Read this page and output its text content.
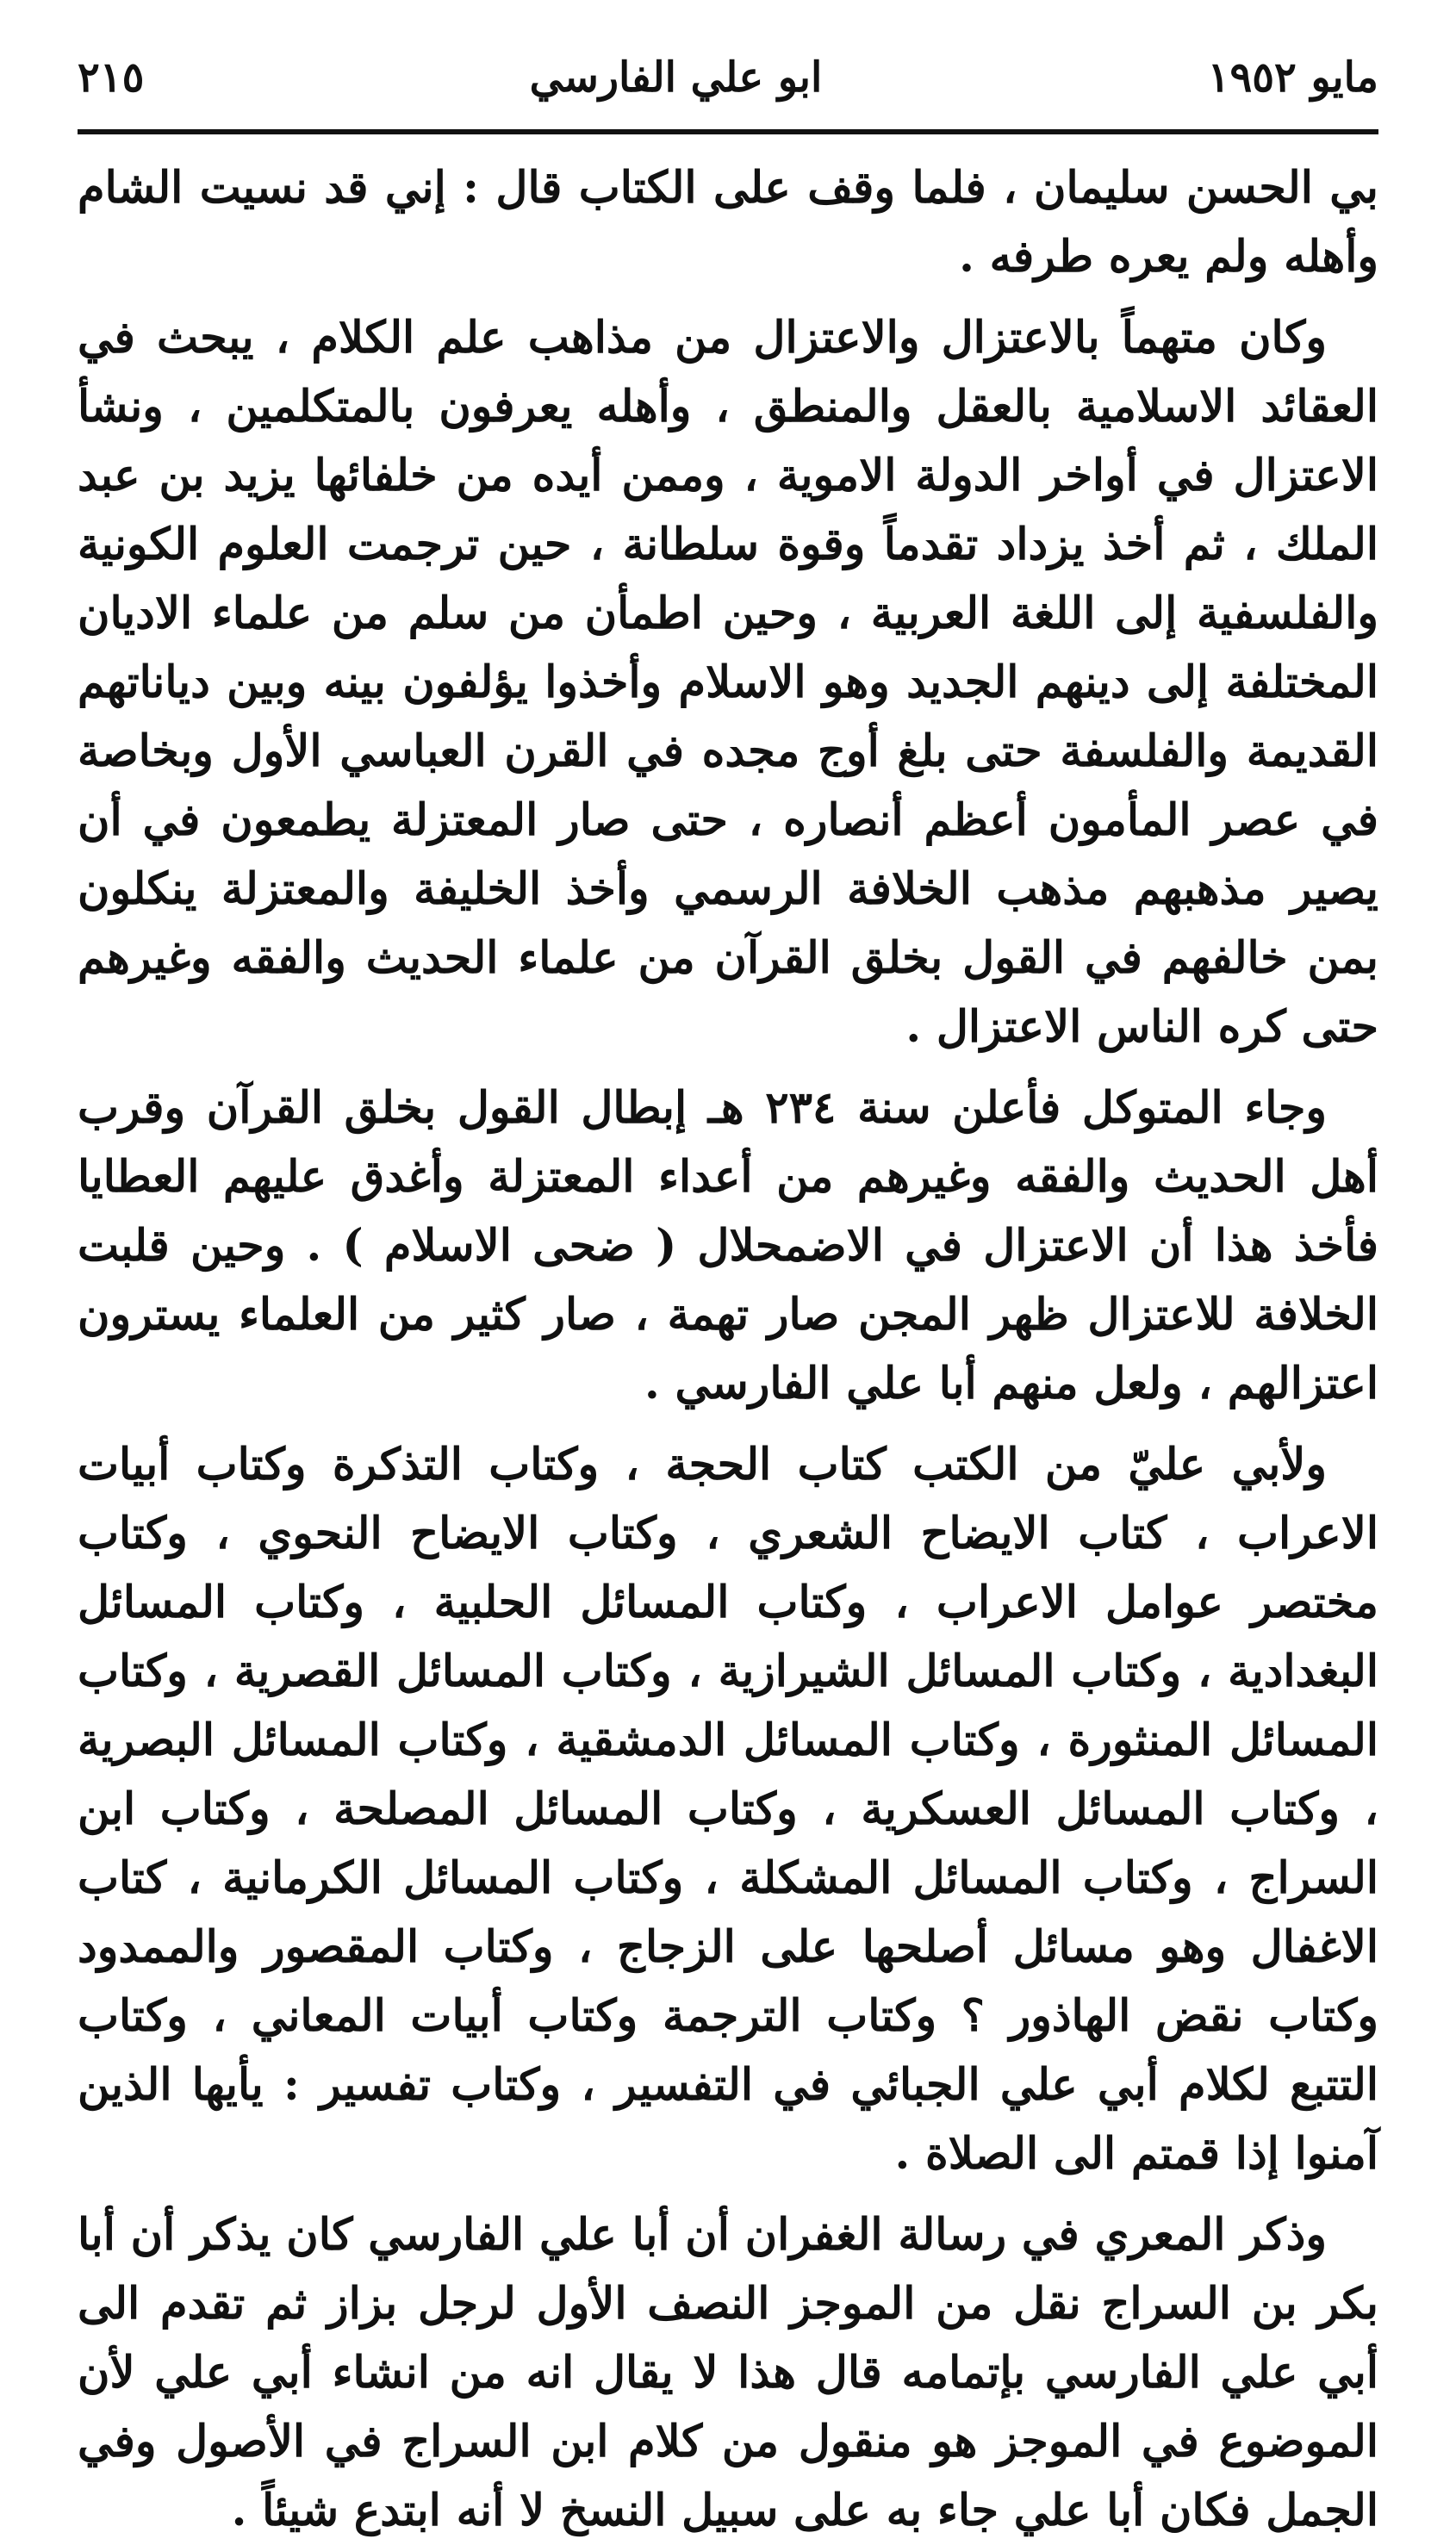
مايو ١٩٥٢
ابو علي الفارسي
٢١٥

بي الحسن سليمان ، فلما وقف على الكتاب قال : إني قد نسيت الشام وأهله ولم يعره طرفه .

وكان متهماً بالاعتزال والاعتزال من مذاهب علم الكلام ، يبحث في العقائد الاسلامية بالعقل والمنطق ، وأهله يعرفون بالمتكلمين ، ونشأ الاعتزال في أواخر الدولة الاموية ، وممن أيده من خلفائها يزيد بن عبد الملك ، ثم أخذ يزداد تقدماً وقوة سلطانة ، حين ترجمت العلوم الكونية والفلسفية إلى اللغة العربية ، وحين اطمأن من سلم من علماء الاديان المختلفة إلى دينهم الجديد وهو الاسلام وأخذوا يؤلفون بينه وبين دياناتهم القديمة والفلسفة حتى بلغ أوج مجده في القرن العباسي الأول وبخاصة في عصر المأمون أعظم أنصاره ، حتى صار المعتزلة يطمعون في أن يصير مذهبهم مذهب الخلافة الرسمي وأخذ الخليفة والمعتزلة ينكلون بمن خالفهم في القول بخلق القرآن من علماء الحديث والفقه وغيرهم حتى كره الناس الاعتزال .

وجاء المتوكل فأعلن سنة ٢٣٤ هـ إبطال القول بخلق القرآن وقرب أهل الحديث والفقه وغيرهم من أعداء المعتزلة وأغدق عليهم العطايا فأخذ هذا أن الاعتزال في الاضمحلال ( ضحى الاسلام ) . وحين قلبت الخلافة للاعتزال ظهر المجن صار تهمة ، صار كثير من العلماء يسترون اعتزالهم ، ولعل منهم أبا علي الفارسي .

ولأبي عليّ من الكتب كتاب الحجة ، وكتاب التذكرة وكتاب أبيات الاعراب ، كتاب الايضاح الشعري ، وكتاب الايضاح النحوي ، وكتاب مختصر عوامل الاعراب ، وكتاب المسائل الحلبية ، وكتاب المسائل البغدادية ، وكتاب المسائل الشيرازية ، وكتاب المسائل القصرية ، وكتاب المسائل المنثورة ، وكتاب المسائل الدمشقية ، وكتاب المسائل البصرية ، وكتاب المسائل العسكرية ، وكتاب المسائل المصلحة ، وكتاب ابن السراج ، وكتاب المسائل المشكلة ، وكتاب المسائل الكرمانية ، كتاب الاغفال وهو مسائل أصلحها على الزجاج ، وكتاب المقصور والممدود وكتاب نقض الهاذور ؟ وكتاب الترجمة وكتاب أبيات المعاني ، وكتاب التتبع لكلام أبي علي الجبائي في التفسير ، وكتاب تفسير : يأيها الذين آمنوا إذا قمتم الى الصلاة .

وذكر المعري في رسالة الغفران أن أبا علي الفارسي كان يذكر أن أبا بكر بن السراج نقل من الموجز النصف الأول لرجل بزاز ثم تقدم الى أبي علي الفارسي بإتمامه قال هذا لا يقال انه من انشاء أبي علي لأن الموضوع في الموجز هو منقول من كلام ابن السراج في الأصول وفي الجمل فكان أبا علي جاء به على سبيل النسخ لا أنه ابتدع شيئاً .
